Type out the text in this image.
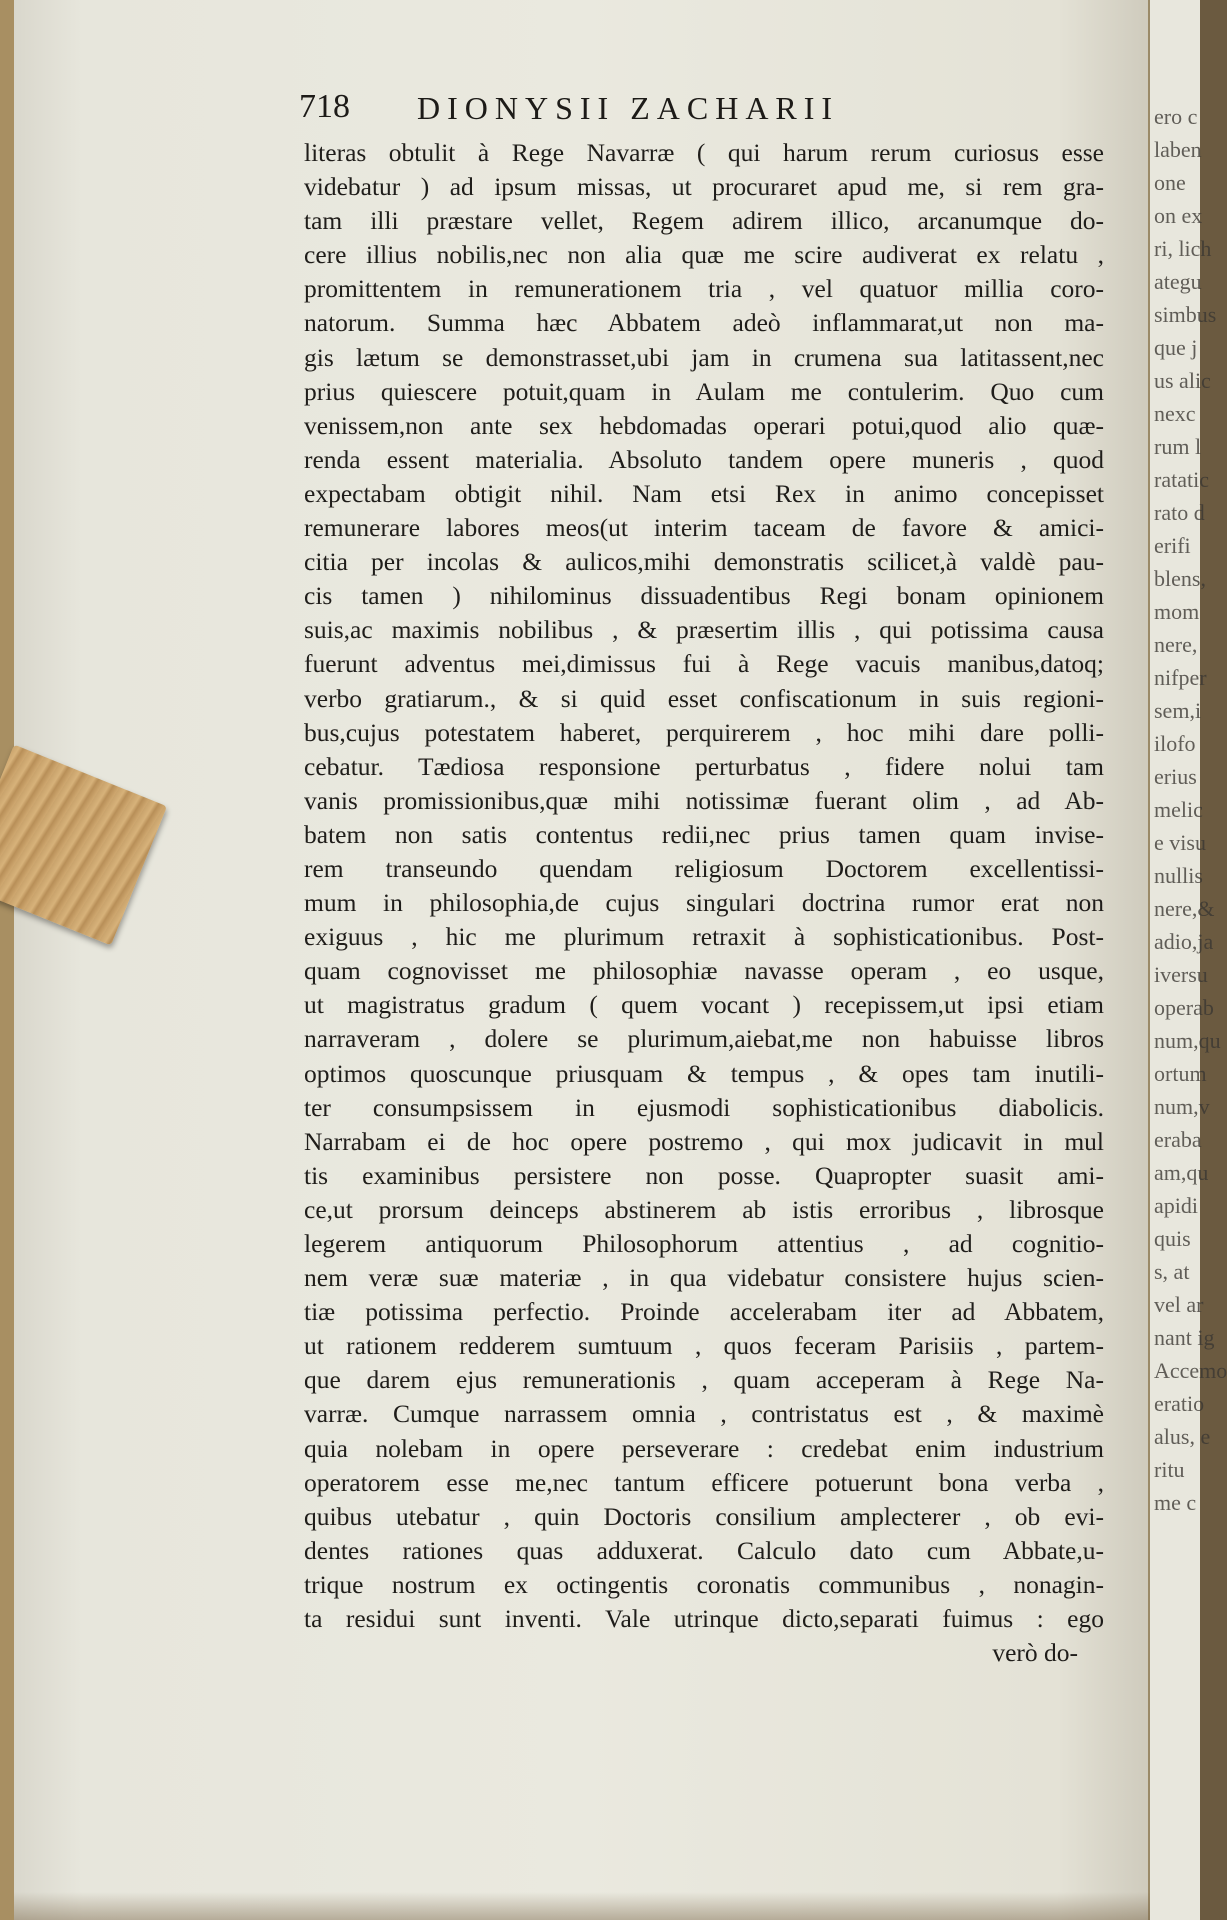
718 DIONYSII ZACHARII
literas obtulit à Rege Navarræ ( qui harum rerum curiosus esse
videbatur ) ad ipsum missas, ut procuraret apud me, si rem gra-
tam illi præstare vellet, Regem adirem illico, arcanumque do-
cere illius nobilis,nec non alia quæ me scire audiverat ex relatu ,
promittentem in remunerationem tria , vel quatuor millia coro-
natorum. Summa hæc Abbatem adeò inflammarat,ut non ma-
gis lætum se demonstrasset,ubi jam in crumena sua latitassent,nec
prius quiescere potuit,quam in Aulam me contulerim. Quo cum
venissem,non ante sex hebdomadas operari potui,quod alio quæ-
renda essent materialia. Absoluto tandem opere muneris , quod
expectabam obtigit nihil. Nam etsi Rex in animo concepisset
remunerare labores meos(ut interim taceam de favore & amici-
citia per incolas & aulicos,mihi demonstratis scilicet,à valdè pau-
cis tamen ) nihilominus dissuadentibus Regi bonam opinionem
suis,ac maximis nobilibus , & præsertim illis , qui potissima causa
fuerunt adventus mei,dimissus fui à Rege vacuis manibus,datoq;
verbo gratiarum., & si quid esset confiscationum in suis regioni-
bus,cujus potestatem haberet, perquirerem , hoc mihi dare polli-
cebatur. Tædiosa responsione perturbatus , fidere nolui tam
vanis promissionibus,quæ mihi notissimæ fuerant olim , ad Ab-
batem non satis contentus redii,nec prius tamen quam invise-
rem transeundo quendam religiosum Doctorem excellentissi-
mum in philosophia,de cujus singulari doctrina rumor erat non
exiguus , hic me plurimum retraxit à sophisticationibus. Post-
quam cognovisset me philosophiæ navasse operam , eo usque,
ut magistratus gradum ( quem vocant ) recepissem,ut ipsi etiam
narraveram , dolere se plurimum,aiebat,me non habuisse libros
optimos quoscunque priusquam & tempus , & opes tam inutili-
ter consumpsissem in ejusmodi sophisticationibus diabolicis.
Narrabam ei de hoc opere postremo , qui mox judicavit in mul
tis examinibus persistere non posse. Quapropter suasit ami-
ce,ut prorsum deinceps abstinerem ab istis erroribus , librosque
legerem antiquorum Philosophorum attentius , ad cognitio-
nem veræ suæ materiæ , in qua videbatur consistere hujus scien-
tiæ potissima perfectio. Proinde accelerabam iter ad Abbatem,
ut rationem redderem sumtuum , quos feceram Parisiis , partem-
que darem ejus remunerationis , quam acceperam à Rege Na-
varræ. Cumque narrassem omnia , contristatus est , & maximè
quia nolebam in opere perseverare : credebat enim industrium
operatorem esse me,nec tantum efficere potuerunt bona verba ,
quibus utebatur , quin Doctoris consilium amplecterer , ob evi-
dentes rationes quas adduxerat. Calculo dato cum Abbate,u-
trique nostrum ex octingentis coronatis communibus , nonagin-
ta residui sunt inventi. Vale utrinque dicto,separati fuimus : ego
verò do-
ero c
laben
one
on ex
ri, lich
ategu
simbus
que j
us alic
nexc
rum l
ratatic
rato d
erifi
blens,
mom
nere,
nifper
sem,i
ilofo
erius
melic
e visu
nullis
nere,&
adio,ja
iversu
operab
num,qu
ortum
num,v
eraba
am,qu
apidi
quis
s, at
vel ar
nant ig
Accemo
eratio
alus, e
ritu
me c
